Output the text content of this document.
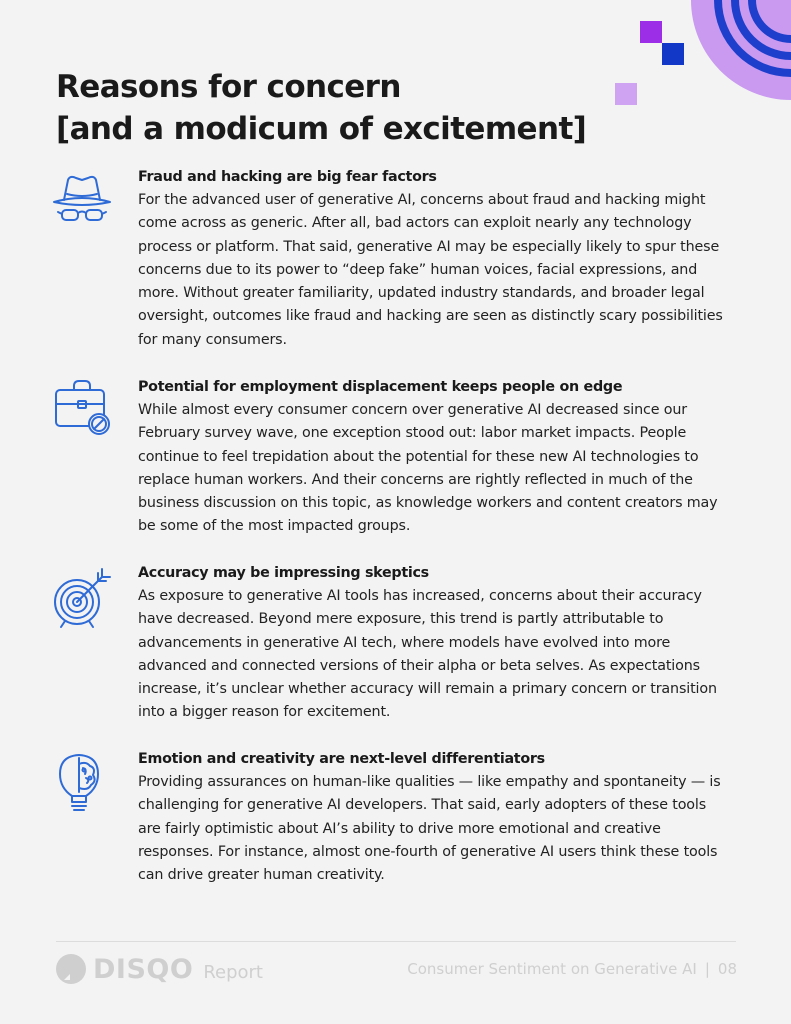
Reasons for concern
[and a modicum of excitement]
Fraud and hacking are big fear factors

For the advanced user of generative AI, concerns about fraud and hacking might come across as generic. After all, bad actors can exploit nearly any technology process or platform. That said, generative AI may be especially likely to spur these concerns due to its power to “deep fake” human voices, facial expressions, and more. Without greater familiarity, updated industry standards, and broader legal oversight, outcomes like fraud and hacking are seen as distinctly scary possibilities for many consumers.

Potential for employment displacement keeps people on edge

While almost every consumer concern over generative AI decreased since our February survey wave, one exception stood out: labor market impacts. People continue to feel trepidation about the potential for these new AI technologies to replace human workers. And their concerns are rightly reflected in much of the business discussion on this topic, as knowledge workers and content creators may be some of the most impacted groups.

Accuracy may be impressing skeptics

As exposure to generative AI tools has increased, concerns about their accuracy have decreased. Beyond mere exposure, this trend is partly attributable to advancements in generative AI tech, where models have evolved into more advanced and connected versions of their alpha or beta selves. As expectations increase, it’s unclear whether accuracy will remain a primary concern or transition into a bigger reason for excitement.

Emotion and creativity are next-level differentiators

Providing assurances on human-like qualities — like empathy and spontaneity — is challenging for generative AI developers. That said, early adopters of these tools are fairly optimistic about AI’s ability to drive more emotional and creative responses. For instance, almost one-fourth of generative AI users think these tools can drive greater human creativity.

DISQO Report	Consumer Sentiment on Generative AI | 08
